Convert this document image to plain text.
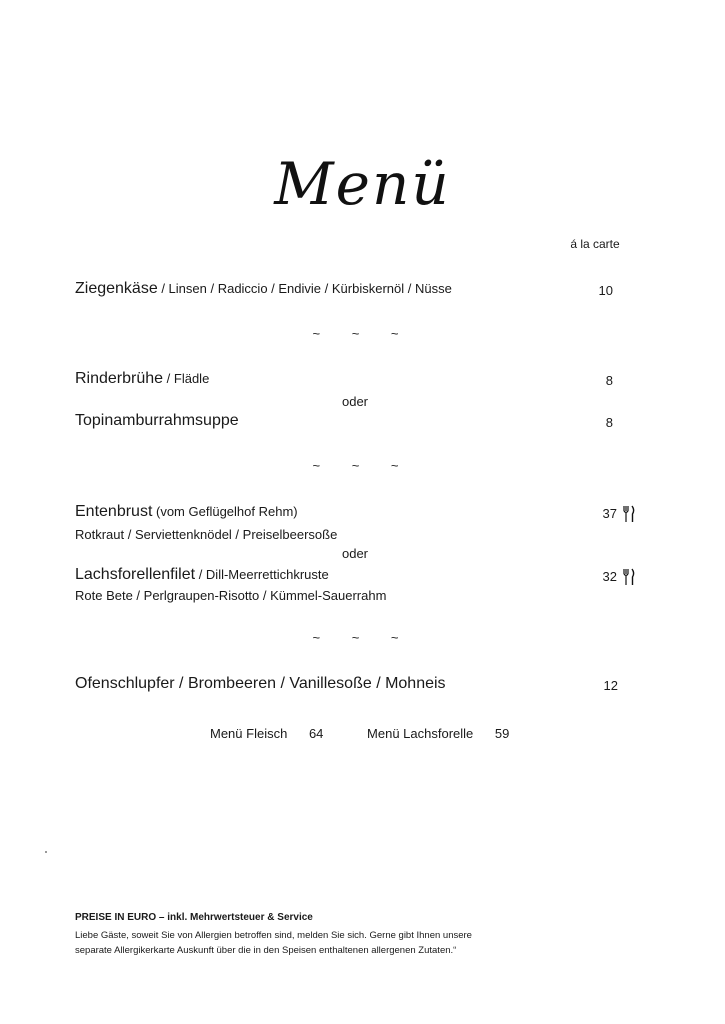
Menü
á la carte
Ziegenkäse / Linsen / Radiccio / Endivie / Kürbiskernöl / Nüsse	10
~ ~ ~
Rinderbrühe / Flädle	8
oder
Topinamburrahmsuppe	8
~ ~ ~
Entenbrust (vom Geflügelhof Rehm)	37
Rotkraut / Serviettenknödel / Preiselbeersoße
oder
Lachsforellenfilet / Dill-Meerrettichkruste	32
Rote Bete / Perlgraupen-Risotto / Kümmel-Sauerrahm
~ ~ ~
Ofenschlupfer / Brombeeren / Vanillesoße / Mohneis	12
Menü Fleisch 64	Menü Lachsforelle 59
PREISE IN EURO – inkl. Mehrwertsteuer & Service
Liebe Gäste, soweit Sie von Allergien betroffen sind, melden Sie sich. Gerne gibt Ihnen unsere
separate Allergikerkarte Auskunft über die in den Speisen enthaltenen allergenen Zutaten.“
